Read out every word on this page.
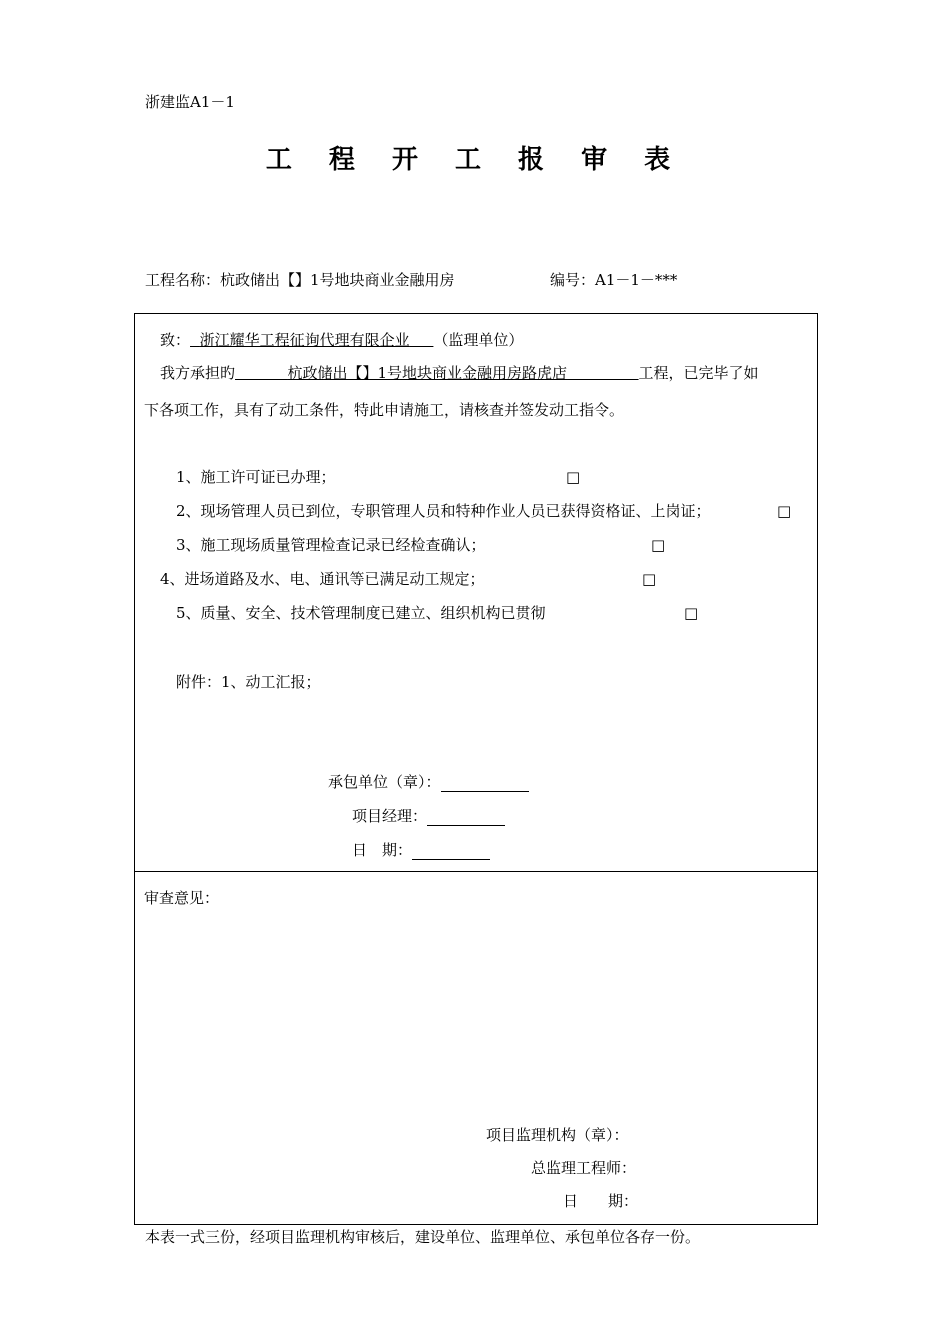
浙建监A1－1
工 程 开 工 报 审 表
工程名称：杭政储出【】1号地块商业金融用房	编号：A1－1－***
致： 浙江耀华工程征询代理有限企业 （监理单位）
我方承担旳	杭政储出【】1号地块商业金融用房路虎店	工程，已完毕了如
下各项工作，具有了动工条件，特此申请施工，请核查并签发动工指令。
1、施工许可证已办理；	□
2、现场管理人员已到位，专职管理人员和特种作业人员已获得资格证、上岗证；	□
3、施工现场质量管理检查记录已经检查确认；	□
4、进场道路及水、电、通讯等已满足动工规定；	□
5、质量、安全、技术管理制度已建立、组织机构已贯彻	□
附件：1、动工汇报；
承包单位（章）：
项目经理：
日　期：
审查意见：
项目监理机构（章）：
总监理工程师：
日　　期：
本表一式三份，经项目监理机构审核后，建设单位、监理单位、承包单位各存一份。
